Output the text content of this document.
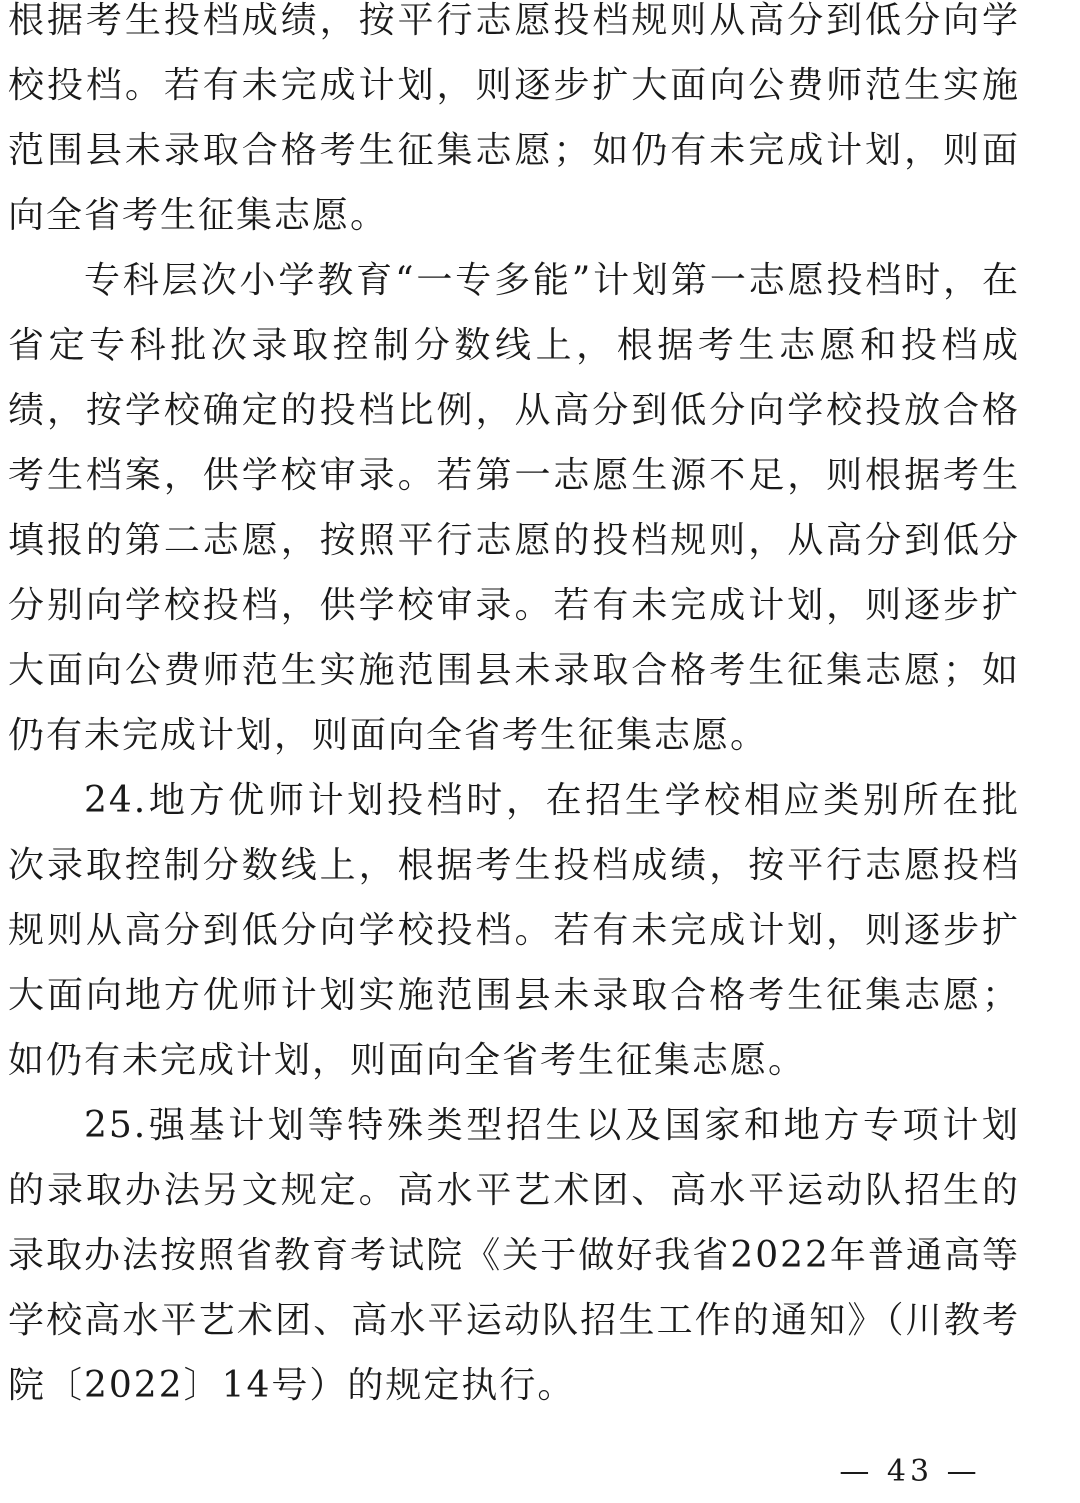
根据考生投档成绩，按平行志愿投档规则从高分到低分向学校投档。若有未完成计划，则逐步扩大面向公费师范生实施范围县未录取合格考生征集志愿；如仍有未完成计划，则面向全省考生征集志愿。

专科层次小学教育“一专多能”计划第一志愿投档时，在省定专科批次录取控制分数线上，根据考生志愿和投档成绩，按学校确定的投档比例，从高分到低分向学校投放合格考生档案，供学校审录。若第一志愿生源不足，则根据考生填报的第二志愿，按照平行志愿的投档规则，从高分到低分分别向学校投档，供学校审录。若有未完成计划，则逐步扩大面向公费师范生实施范围县未录取合格考生征集志愿；如仍有未完成计划，则面向全省考生征集志愿。

24.地方优师计划投档时，在招生学校相应类别所在批次录取控制分数线上，根据考生投档成绩，按平行志愿投档规则从高分到低分向学校投档。若有未完成计划，则逐步扩大面向地方优师计划实施范围县未录取合格考生征集志愿；如仍有未完成计划，则面向全省考生征集志愿。

25.强基计划等特殊类型招生以及国家和地方专项计划的录取办法另文规定。高水平艺术团、高水平运动队招生的录取办法按照省教育考试院《关于做好我省2022年普通高等学校高水平艺术团、高水平运动队招生工作的通知》（川教考院〔2022〕14号）的规定执行。

— 43 —
